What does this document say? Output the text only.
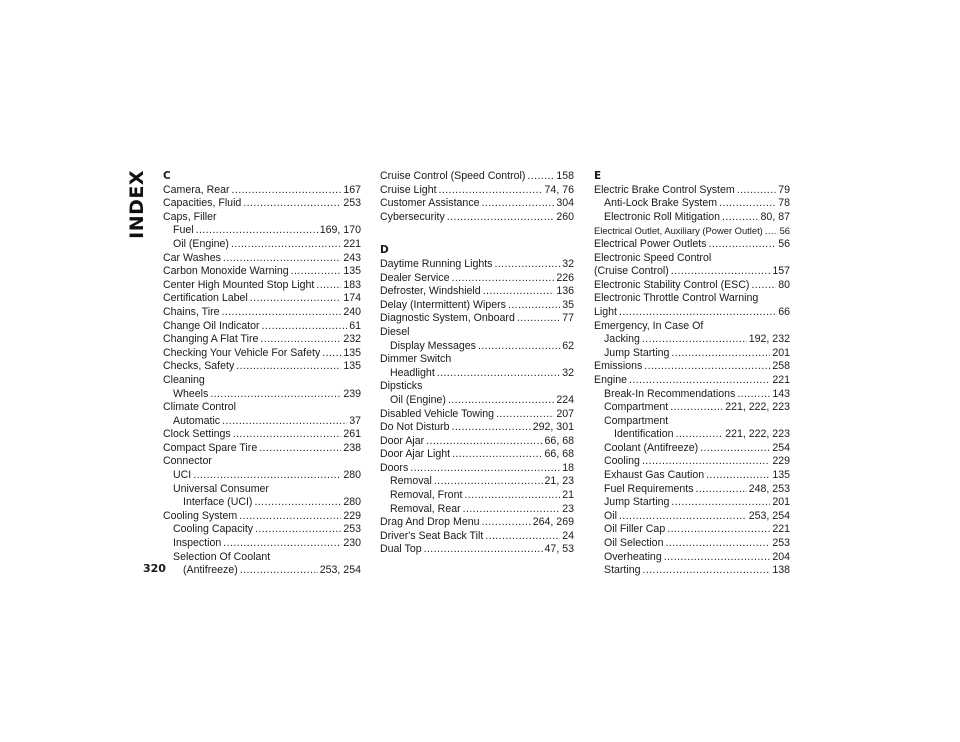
INDEX
320
C
Camera, Rear .....	167
Capacities, Fluid .....	253
Caps, Filler
Fuel .....	169, 170
Oil (Engine) .....	221
Car Washes .....	243
Carbon Monoxide Warning .....	135
Center High Mounted Stop Light .....	183
Certification Label .....	174
Chains, Tire .....	240
Change Oil Indicator .....	61
Changing A Flat Tire .....	232
Checking Your Vehicle For Safety ..... 135
Checks, Safety .....	135
Cleaning
Wheels .....	239
Climate Control
Automatic .....	37
Clock Settings .....	261
Compact Spare Tire .....	238
Connector
UCI .....	280
Universal Consumer
Interface (UCI) .....	280
Cooling System .....	229
Cooling Capacity .....	253
Inspection .....	230
Selection Of Coolant
(Antifreeze) .....	253, 254
Cruise Control (Speed Control) .....	158
Cruise Light .....	74, 76
Customer Assistance .....	304
Cybersecurity .....	260
D
Daytime Running Lights .....	32
Dealer Service .....	226
Defroster, Windshield .....	136
Delay (Intermittent) Wipers .....	35
Diagnostic System, Onboard .....	77
Diesel
Display Messages .....	62
Dimmer Switch
Headlight .....	32
Dipsticks
Oil (Engine) .....	224
Disabled Vehicle Towing .....	207
Do Not Disturb .....	292, 301
Door Ajar .....	66, 68
Door Ajar Light .....	66, 68
Doors .....	18
Removal .....	21, 23
Removal, Front .....	21
Removal, Rear .....	23
Drag And Drop Menu .....	264, 269
Driver's Seat Back Tilt .....	24
Dual Top .....	47, 53
E
Electric Brake Control System .....	79
Anti-Lock Brake System .....	78
Electronic Roll Mitigation .....	80, 87
Electrical Outlet, Auxiliary (Power Outlet) ..... 56
Electrical Power Outlets .....	56
Electronic Speed Control
(Cruise Control) .....	157
Electronic Stability Control (ESC) .....	80
Electronic Throttle Control Warning
Light .....	66
Emergency, In Case Of
Jacking .....	192, 232
Jump Starting .....	201
Emissions .....	258
Engine .....	221
Break-In Recommendations .....	143
Compartment .....	221, 222, 223
Compartment
Identification .....	221, 222, 223
Coolant (Antifreeze) .....	254
Cooling .....	229
Exhaust Gas Caution .....	135
Fuel Requirements .....	248, 253
Jump Starting .....	201
Oil .....	253, 254
Oil Filler Cap .....	221
Oil Selection .....	253
Overheating .....	204
Starting .....	138
